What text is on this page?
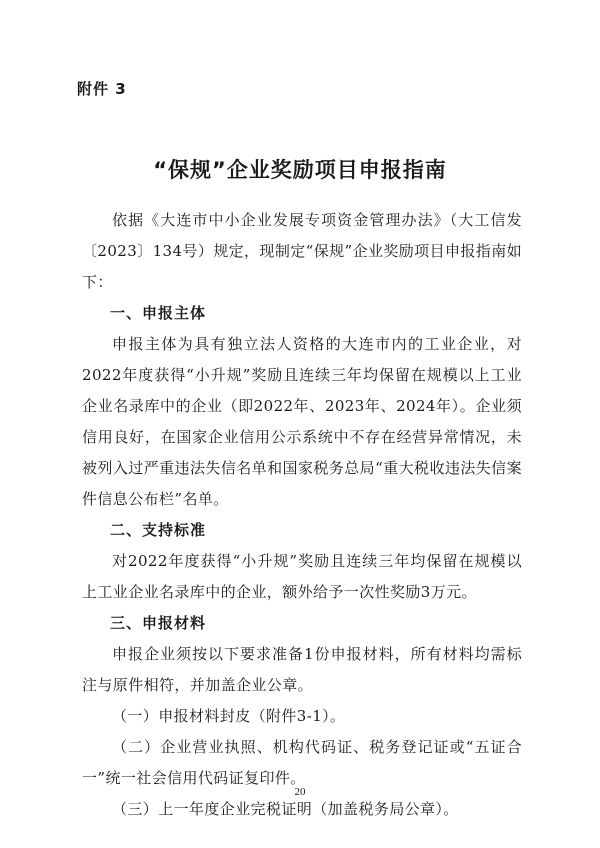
附件 3
“保规”企业奖励项目申报指南

依据《大连市中小企业发展专项资金管理办法》（大工信发〔2023〕134号）规定，现制定“保规”企业奖励项目申报指南如下：

一、申报主体

申报主体为具有独立法人资格的大连市内的工业企业，对2022年度获得“小升规”奖励且连续三年均保留在规模以上工业企业名录库中的企业（即2022年、2023年、2024年）。企业须信用良好，在国家企业信用公示系统中不存在经营异常情况，未被列入过严重违法失信名单和国家税务总局“重大税收违法失信案件信息公布栏”名单。

二、支持标准

对2022年度获得“小升规”奖励且连续三年均保留在规模以上工业企业名录库中的企业，额外给予一次性奖励3万元。

三、申报材料

申报企业须按以下要求准备1份申报材料，所有材料均需标注与原件相符，并加盖企业公章。

（一）申报材料封皮（附件3-1）。

（二）企业营业执照、机构代码证、税务登记证或“五证合一”统一社会信用代码证复印件。

（三）上一年度企业完税证明（加盖税务局公章）。

20
